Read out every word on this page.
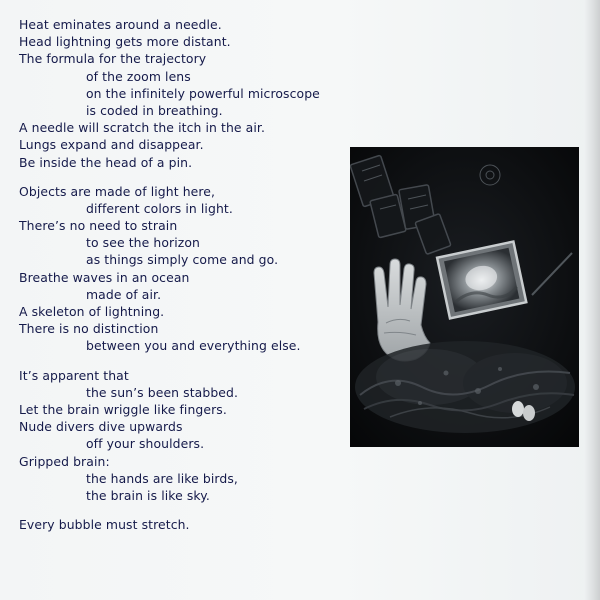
Heat eminates around a needle.
Head lightning gets more distant.
The formula for the trajectory
of the zoom lens
on the infinitely powerful microscope
is coded in breathing.
A needle will scratch the itch in the air.
Lungs expand and disappear.
Be inside the head of a pin.
Objects are made of light here,
different colors in light.
There’s no need to strain
to see the horizon
as things simply come and go.
Breathe waves in an ocean
made of air.
A skeleton of lightning.
There is no distinction
between you and everything else.
It’s apparent that
the sun’s been stabbed.
Let the brain wriggle like fingers.
Nude divers dive upwards
off your shoulders.
Gripped brain:
the hands are like birds,
the brain is like sky.
Every bubble must stretch.
